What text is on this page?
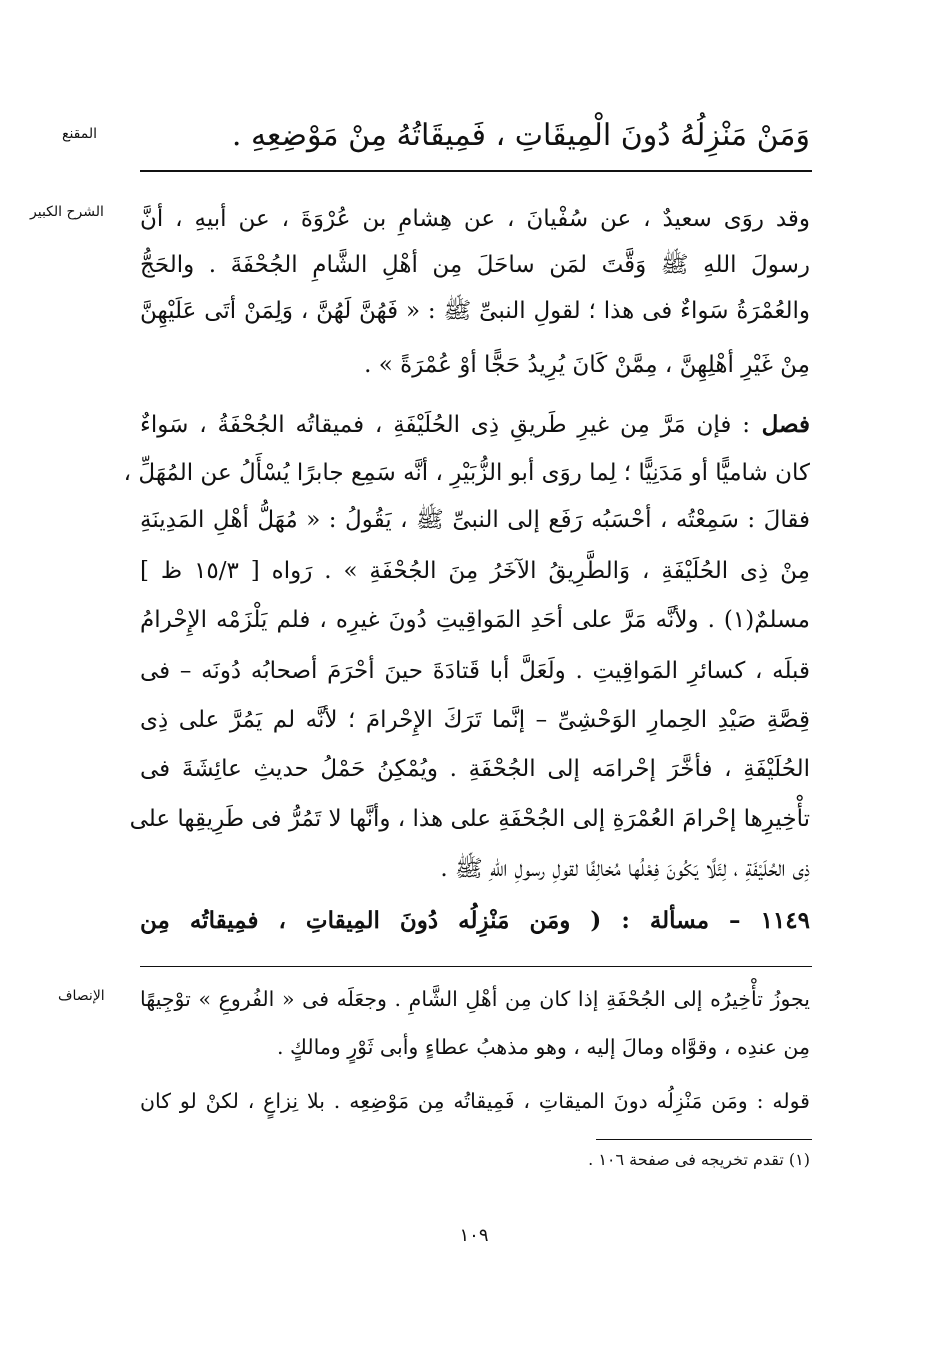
المقنع	وَمَنْ مَنْزِلُهُ دُونَ الْمِيقَاتِ ، فَمِيقَاتُهُ مِنْ مَوْضِعِهِ .
الشرح الكبير وقد روَى سعيدٌ ، عن سُفْيانَ ، عن هِشامِ بن عُرْوَةَ ، عن أبيهِ ، أنَّ
رسولَ اللهِ ﷺ وَقَّتَ لمَن ساحَلَ مِن أهْلِ الشَّامِ الجُحْفَةَ . والحَجُّ
والعُمْرَةُ سَواءٌ فى هذا ؛ لقولِ النبىِّ ﷺ : « فَهُنَّ لَهُنَّ ، وَلِمَنْ أتَى عَلَيْهِنَّ
مِنْ غَيْرِ أهْلِهِنَّ ، مِمَّنْ كَانَ يُرِيدُ حَجًّا أوْ عُمْرَةً » .
فصل : فإن مَرَّ مِن غيرِ طَريقِ ذِى الحُلَيْفَةِ ، فميقاتُه الجُحْفَةُ ، سَواءٌ
كان شاميًّا أو مَدَنِيًّا ؛ لِما روَى أبو الزُّبَيْرِ ، أنَّه سَمِع جابرًا يُسْأَلُ عن المُهَلِّ ،
فقالَ : سَمِعْتُه ، أحْسَبُه رَفَع إلى النبىِّ ﷺ ، يَقُولُ : « مُهَلُّ أهْلِ المَدِينَةِ
مِنْ ذِى الحُلَيْفَةِ ، وَالطَّرِيقُ الآخَرُ مِنَ الجُحْفَةِ » . رَواه [ ١٥/٣ ظ ]
مسلمٌ(١) . ولأنَّه مَرَّ على أحَدِ المَواقِيتِ دُونَ غيرِه ، فلم يَلْزَمْه الإِحْرامُ
قبلَه ، كسائرِ المَواقِيتِ . ولَعَلَّ أبا قَتادَةَ حينَ أحْرَمَ أصحابُه دُونَه – فى
قِصَّةِ صَيْدِ الحِمارِ الوَحْشِىِّ – إنَّما تَرَكَ الإِحْرامَ ؛ لأنَّه لم يَمُرَّ على ذِى
الحُلَيْفَةِ ، فأخَّرَ إحْرامَه إلى الجُحْفَةِ . ويُمْكِنُ حَمْلُ حديثِ عائِشَةَ فى
تأْخِيرِها إحْرامَ العُمْرَةِ إلى الجُحْفَةِ على هذا ، وأنَّها لا تَمُرُّ فى طَرِيقِها على
ذِى الحُلَيْفَةِ ، لِئَلَّا يَكُونَ فِعْلُها مُخالِفًا لقولِ رسولِ اللهِ ﷺ .
١١٤٩ – مسألة : ( ومَن مَنْزِلُه دُونَ المِيقاتِ ، فمِيقاتُه مِن
الإنصاف يجوزُ تأْخِيرُه إلى الجُحْفَةِ إذا كان مِن أهْلِ الشَّامِ . وجعَلَه فى « الفُروعِ » توْجِيهًا
مِن عندِه ، وقوَّاه ومالَ إليه ، وهو مذهبُ عطاءٍ وأبى ثَوْرٍ ومالكٍ .
قوله : ومَن مَنْزِلُه دونَ الميقاتِ ، فَمِيقاتُه مِن مَوْضِعِه . بلا نِزاعٍ ، لكنْ لو كان
(١) تقدم تخريجه فى صفحة ١٠٦ .
١٠٩
